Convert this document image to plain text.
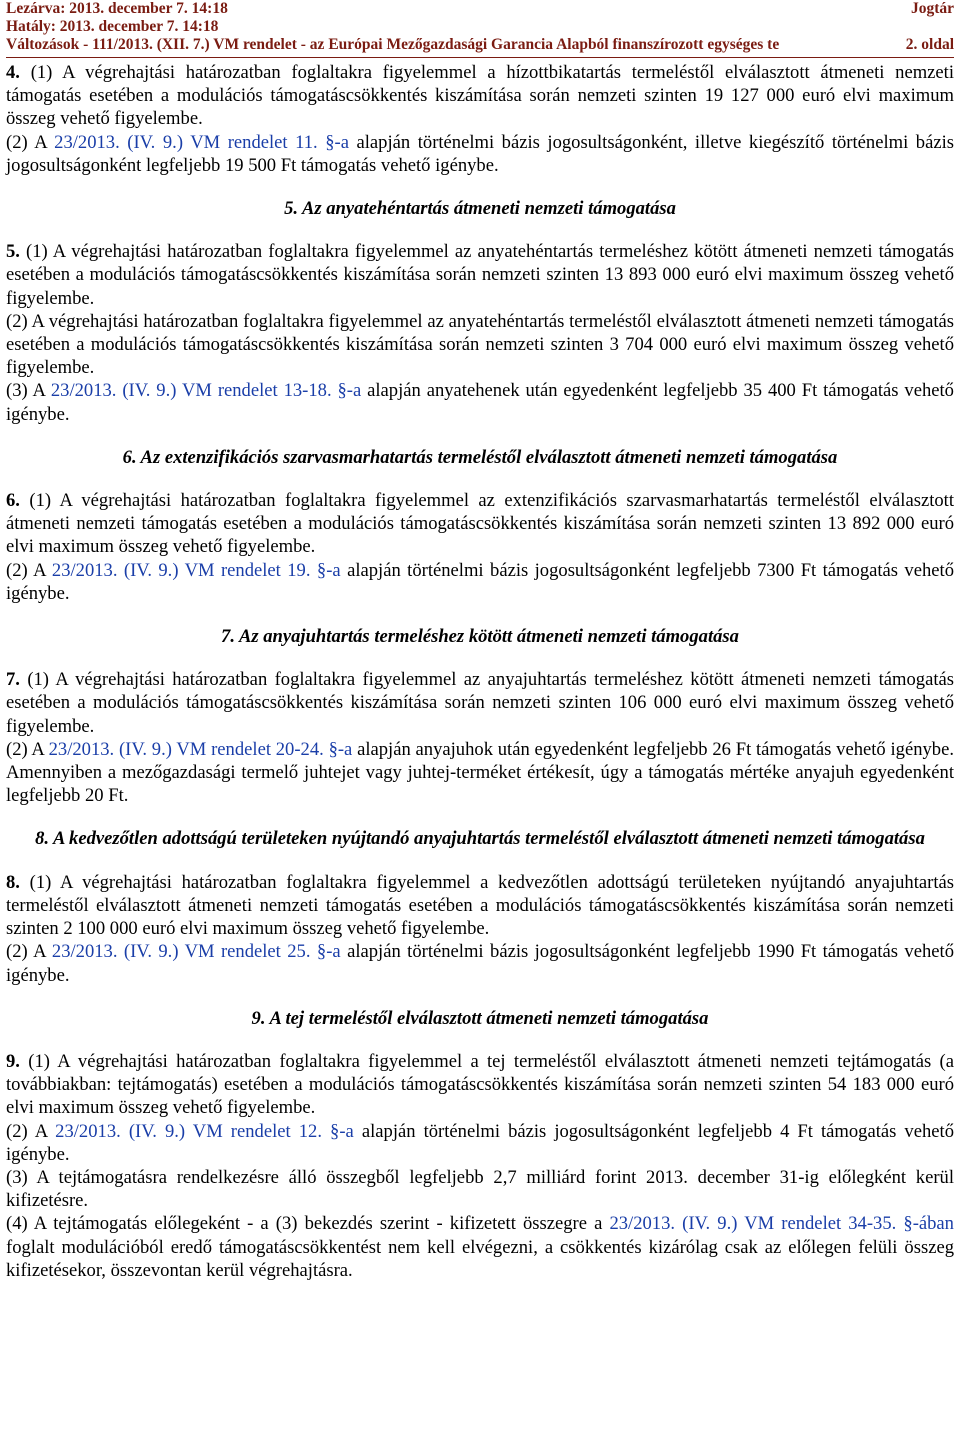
Lezárva: 2013. december 7. 14:18	Jogtár
Hatály: 2013. december 7. 14:18
Változások - 111/2013. (XII. 7.) VM rendelet - az Európai Mezőgazdasági Garancia Alapból finanszírozott egységes te	2. oldal

4. (1) A végrehajtási határozatban foglaltakra figyelemmel a hízottbikatartás termeléstől elválasztott átmeneti nemzeti támogatás esetében a modulációs támogatáscsökkentés kiszámítása során nemzeti szinten 19 127 000 euró elvi maximum összeg vehető figyelembe.

(2) A 23/2013. (IV. 9.) VM rendelet 11. §-a alapján történelmi bázis jogosultságonként, illetve kiegészítő történelmi bázis jogosultságonként legfeljebb 19 500 Ft támogatás vehető igénybe.

5. Az anyatehéntartás átmeneti nemzeti támogatása

5. (1) A végrehajtási határozatban foglaltakra figyelemmel az anyatehéntartás termeléshez kötött átmeneti nemzeti támogatás esetében a modulációs támogatáscsökkentés kiszámítása során nemzeti szinten 13 893 000 euró elvi maximum összeg vehető figyelembe.

(2) A végrehajtási határozatban foglaltakra figyelemmel az anyatehéntartás termeléstől elválasztott átmeneti nemzeti támogatás esetében a modulációs támogatáscsökkentés kiszámítása során nemzeti szinten 3 704 000 euró elvi maximum összeg vehető figyelembe.

(3) A 23/2013. (IV. 9.) VM rendelet 13-18. §-a alapján anyatehenek után egyedenként legfeljebb 35 400 Ft támogatás vehető igénybe.

6. Az extenzifikációs szarvasmarhatartás termeléstől elválasztott átmeneti nemzeti támogatása

6. (1) A végrehajtási határozatban foglaltakra figyelemmel az extenzifikációs szarvasmarhatartás termeléstől elválasztott átmeneti nemzeti támogatás esetében a modulációs támogatáscsökkentés kiszámítása során nemzeti szinten 13 892 000 euró elvi maximum összeg vehető figyelembe.

(2) A 23/2013. (IV. 9.) VM rendelet 19. §-a alapján történelmi bázis jogosultságonként legfeljebb 7300 Ft támogatás vehető igénybe.

7. Az anyajuhtartás termeléshez kötött átmeneti nemzeti támogatása

7. (1) A végrehajtási határozatban foglaltakra figyelemmel az anyajuhtartás termeléshez kötött átmeneti nemzeti támogatás esetében a modulációs támogatáscsökkentés kiszámítása során nemzeti szinten 106 000 euró elvi maximum összeg vehető figyelembe.

(2) A 23/2013. (IV. 9.) VM rendelet 20-24. §-a alapján anyajuhok után egyedenként legfeljebb 26 Ft támogatás vehető igénybe. Amennyiben a mezőgazdasági termelő juhtejet vagy juhtej-terméket értékesít, úgy a támogatás mértéke anyajuh egyedenként legfeljebb 20 Ft.

8. A kedvezőtlen adottságú területeken nyújtandó anyajuhtartás termeléstől elválasztott átmeneti nemzeti támogatása

8. (1) A végrehajtási határozatban foglaltakra figyelemmel a kedvezőtlen adottságú területeken nyújtandó anyajuhtartás termeléstől elválasztott átmeneti nemzeti támogatás esetében a modulációs támogatáscsökkentés kiszámítása során nemzeti szinten 2 100 000 euró elvi maximum összeg vehető figyelembe.

(2) A 23/2013. (IV. 9.) VM rendelet 25. §-a alapján történelmi bázis jogosultságonként legfeljebb 1990 Ft támogatás vehető igénybe.

9. A tej termeléstől elválasztott átmeneti nemzeti támogatása

9. (1) A végrehajtási határozatban foglaltakra figyelemmel a tej termeléstől elválasztott átmeneti nemzeti tejtámogatás (a továbbiakban: tejtámogatás) esetében a modulációs támogatáscsökkentés kiszámítása során nemzeti szinten 54 183 000 euró elvi maximum összeg vehető figyelembe.

(2) A 23/2013. (IV. 9.) VM rendelet 12. §-a alapján történelmi bázis jogosultságonként legfeljebb 4 Ft támogatás vehető igénybe.

(3) A tejtámogatásra rendelkezésre álló összegből legfeljebb 2,7 milliárd forint 2013. december 31-ig előlegként kerül kifizetésre.

(4) A tejtámogatás előlegeként - a (3) bekezdés szerint - kifizetett összegre a 23/2013. (IV. 9.) VM rendelet 34-35. §-ában foglalt modulációból eredő támogatáscsökkentést nem kell elvégezni, a csökkentés kizárólag csak az előlegen felüli összeg kifizetésekor, összevontan kerül végrehajtásra.
